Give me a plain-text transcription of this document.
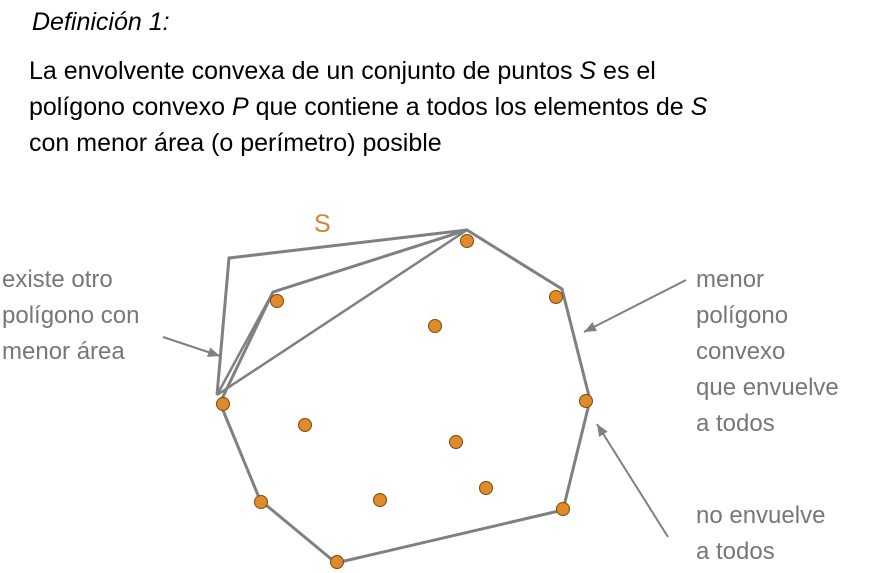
Definición 1:
La envolvente convexa de un conjunto de puntos S es el
polígono convexo P que contiene a todos los elementos de S
con menor área (o perímetro) posible
S
existe otro
polígono con
menor área
menor
polígono
convexo
que envuelve
a todos
no envuelve
a todos
